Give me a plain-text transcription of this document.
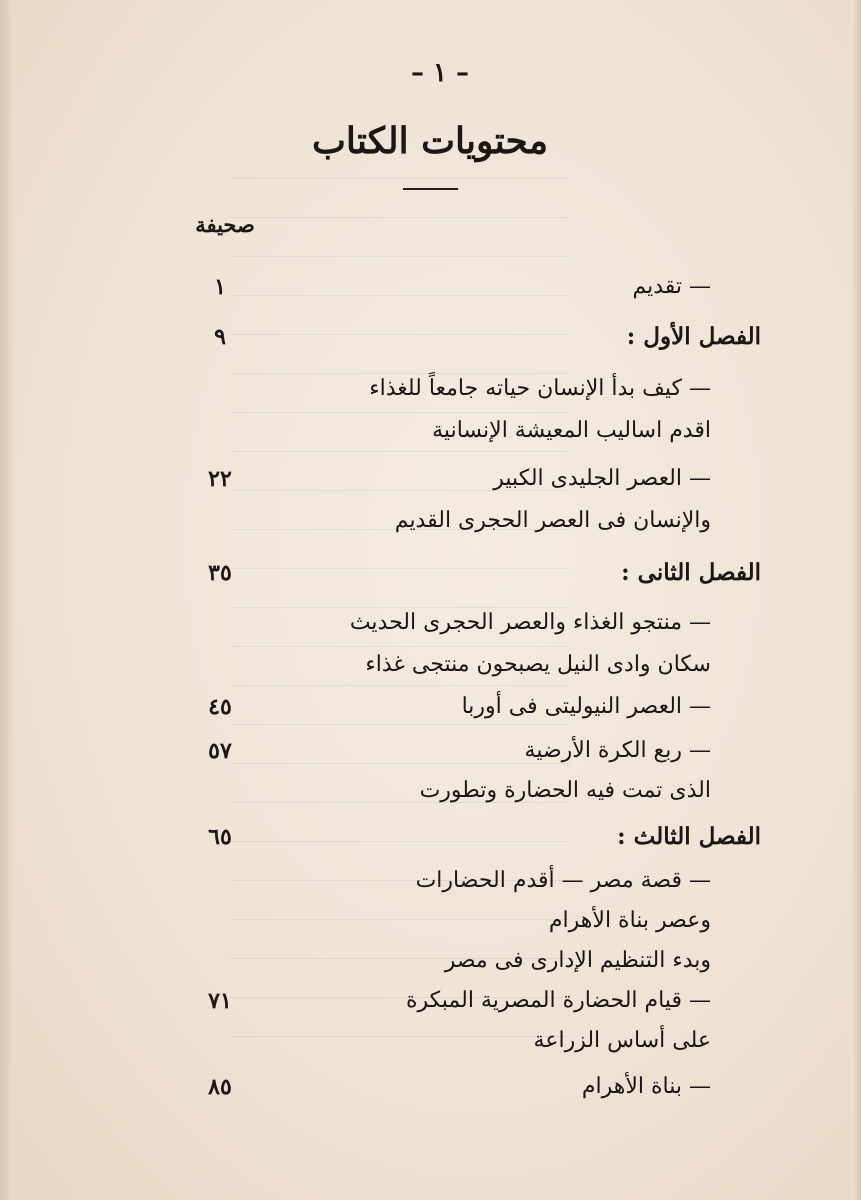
– ١ –
محتويات الكتاب
صحيفة
— تقديم
١
الفصل الأول :
٩
— كيف بدأ الإنسان حياته جامعاً للغذاء
اقدم اساليب المعيشة الإنسانية
— العصر الجليدى الكبير
٢٢
والإنسان فى العصر الحجرى القديم
الفصل الثانى :
٣٥
— منتجو الغذاء والعصر الحجرى الحديث
سكان وادى النيل يصبحون منتجى غذاء
— العصر النيوليتى فى أوربا
٤٥
— ربع الكرة الأرضية
٥٧
الذى تمت فيه الحضارة وتطورت
الفصل الثالث :
٦٥
— قصة مصر — أقدم الحضارات
وعصر بناة الأهرام
وبدء التنظيم الإدارى فى مصر
— قيام الحضارة المصرية المبكرة
٧١
على أساس الزراعة
— بناة الأهرام
٨٥
